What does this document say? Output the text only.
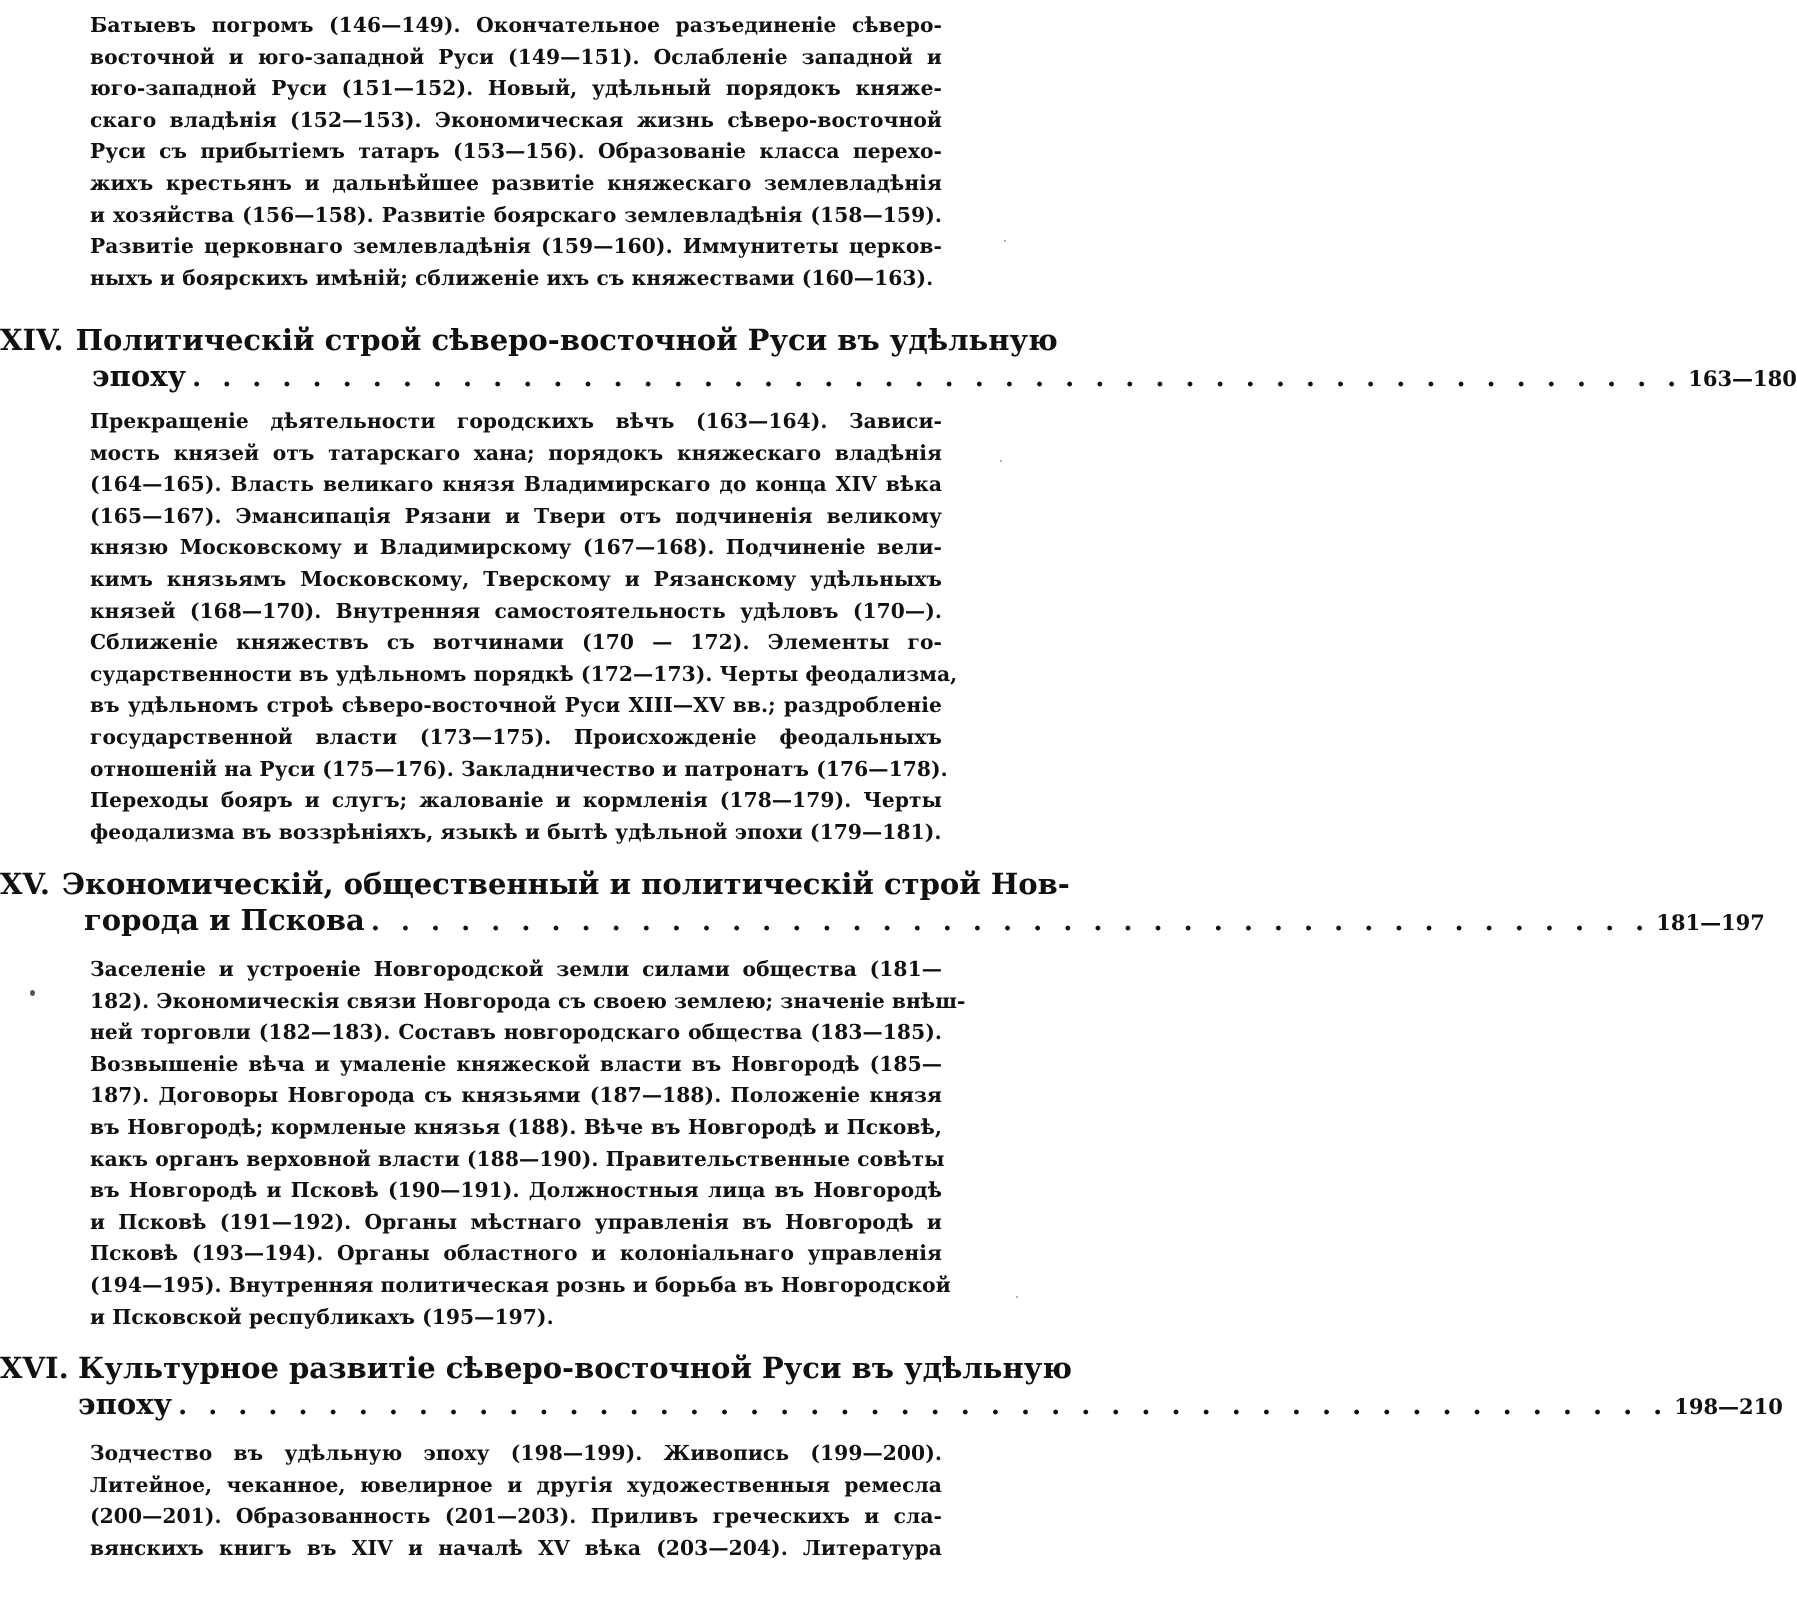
Батыевъ погромъ (146—149). Окончательное разъединеніе сѣверо-
восточной и юго-западной Руси (149—151). Ослабленіе западной и
юго-западной Руси (151—152). Новый, удѣльный порядокъ княже-
скаго владѣнія (152—153). Экономическая жизнь сѣверо-восточной
Руси съ прибытіемъ татаръ (153—156). Образованіе класса перехо-
жихъ крестьянъ и дальнѣйшее развитіе княжескаго землевладѣнія
и хозяйства (156—158). Развитіе боярскаго землевладѣнія (158—159).
Развитіе церковнаго землевладѣнія (159—160). Иммунитеты церков-
ныхъ и боярскихъ имѣній; сближеніе ихъ съ княжествами (160—163).
XIV. Политическій строй сѣверо-восточной Руси въ удѣльную
эпоху . . . . . . . . . . . . . . . . . . . . . . . . . . . . . . . . . . . . . . . . . . . . . . . . . . 163—180
Прекращеніе дѣятельности городскихъ вѣчъ (163—164). Зависи-
мость князей отъ татарскаго хана; порядокъ княжескаго владѣнія
(164—165). Власть великаго князя Владимирскаго до конца XIV вѣка
(165—167). Эмансипація Рязани и Твери отъ подчиненія великому
князю Московскому и Владимирскому (167—168). Подчиненіе вели-
кимъ князьямъ Московскому, Тверскому и Рязанскому удѣльныхъ
князей (168—170). Внутренняя самостоятельность удѣловъ (170—).
Сближеніе княжествъ съ вотчинами (170 — 172). Элементы го-
сударственности въ удѣльномъ порядкѣ (172—173). Черты феодализма,
въ удѣльномъ строѣ сѣверо-восточной Руси XIII—XV вв.; раздробленіе
государственной власти (173—175). Происхожденіе феодальныхъ
отношеній на Руси (175—176). Закладничество и патронатъ (176—178).
Переходы бояръ и слугъ; жалованіе и кормленія (178—179). Черты
феодализма въ воззрѣніяхъ, языкѣ и бытѣ удѣльной эпохи (179—181).
XV. Экономическій, общественный и политическій строй Нов-
города и Пскова . . . . . . . . . . . . . . . . . . . . . . . . . . . . . . . . . . . . . . . . . . . 181—197
Заселеніе и устроеніе Новгородской земли силами общества (181—
182). Экономическія связи Новгорода съ своею землею; значеніе внѣш-
ней торговли (182—183). Составъ новгородскаго общества (183—185).
Возвышеніе вѣча и умаленіе княжеской власти въ Новгородѣ (185—
187). Договоры Новгорода съ князьями (187—188). Положеніе князя
въ Новгородѣ; кормленые князья (188). Вѣче въ Новгородѣ и Псковѣ,
какъ органъ верховной власти (188—190). Правительственные совѣты
въ Новгородѣ и Псковѣ (190—191). Должностныя лица въ Новгородѣ
и Псковѣ (191—192). Органы мѣстнаго управленія въ Новгородѣ и
Псковѣ (193—194). Органы областного и колоніальнаго управленія
(194—195). Внутренняя политическая рознь и борьба въ Новгородской
и Псковской республикахъ (195—197).
XVI. Культурное развитіе сѣверо-восточной Руси въ удѣльную
эпоху . . . . . . . . . . . . . . . . . . . . . . . . . . . . . . . . . . . . . . . . . . . . . . . . . . 198—210
Зодчество въ удѣльную эпоху (198—199). Живопись (199—200).
Литейное, чеканное, ювелирное и другія художественныя ремесла
(200—201). Образованность (201—203). Приливъ греческихъ и сла-
вянскихъ книгъ въ XIV и началѣ XV вѣка (203—204). Литература
